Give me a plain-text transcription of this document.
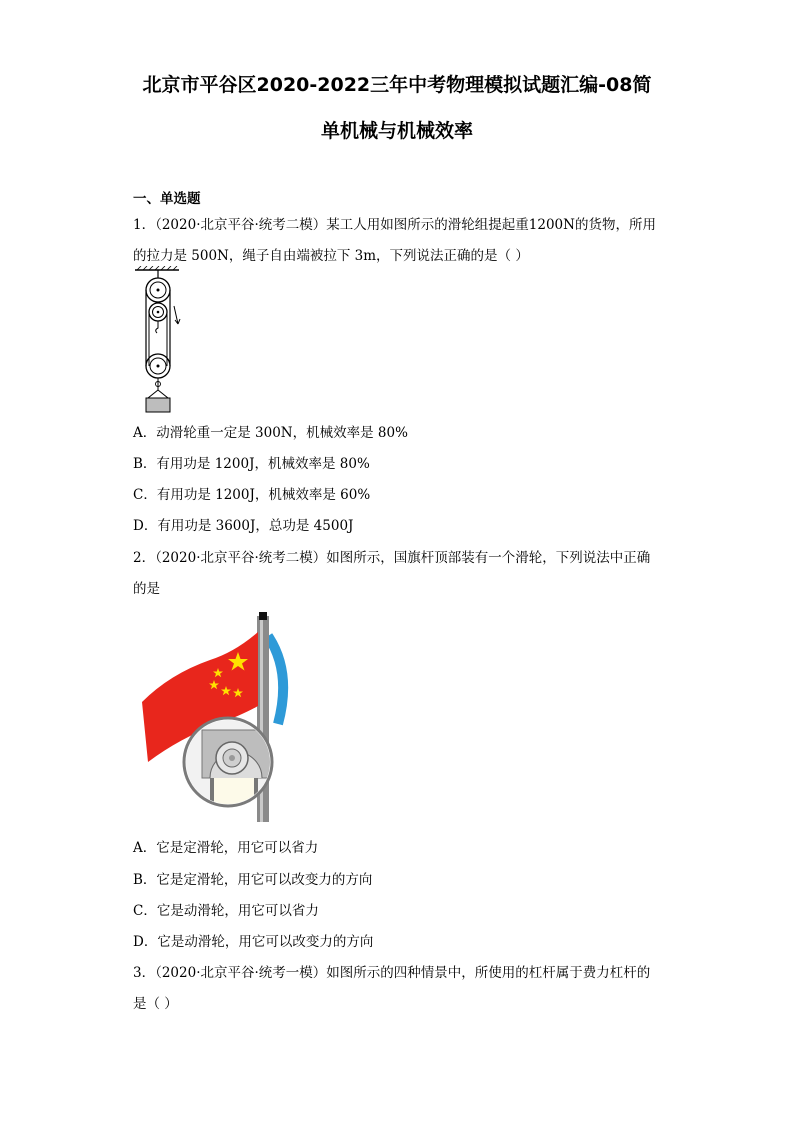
北京市平谷区2020-2022三年中考物理模拟试题汇编-08简
单机械与机械效率
一、单选题
1．（2020·北京平谷·统考二模）某工人用如图所示的滑轮组提起重1200N的货物，所用
的拉力是 500N，绳子自由端被拉下 3m，下列说法正确的是（ ）
A．动滑轮重一定是 300N，机械效率是 80%
B．有用功是 1200J，机械效率是 80%
C．有用功是 1200J，机械效率是 60%
D．有用功是 3600J，总功是 4500J
2．（2020·北京平谷·统考二模）如图所示，国旗杆顶部装有一个滑轮，下列说法中正确
的是
A．它是定滑轮，用它可以省力
B．它是定滑轮，用它可以改变力的方向
C．它是动滑轮，用它可以省力
D．它是动滑轮，用它可以改变力的方向
3．（2020·北京平谷·统考一模）如图所示的四种情景中，所使用的杠杆属于费力杠杆的
是（ ）
